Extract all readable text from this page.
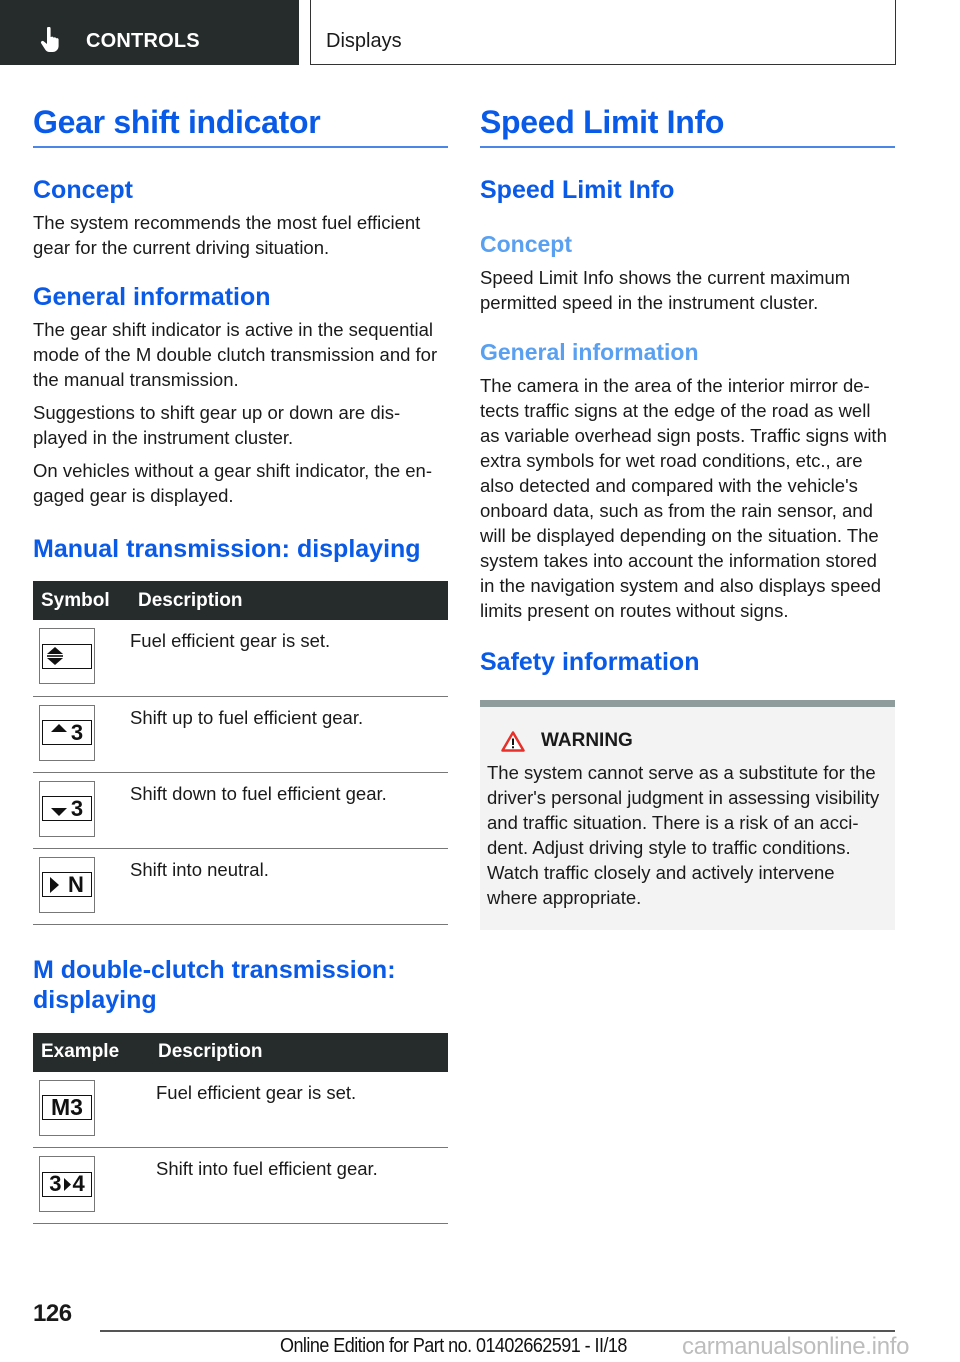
CONTROLS	Displays
Gear shift indicator
Concept
The system recommends the most fuel efficient gear for the current driving situation.
General information
The gear shift indicator is active in the sequential mode of the M double clutch transmission and for the manual transmission.
Suggestions to shift gear up or down are displayed in the instrument cluster.
On vehicles without a gear shift indicator, the engaged gear is displayed.
Manual transmission: displaying
Symbol	Description

	Fuel efficient gear is set.

3	Shift up to fuel efficient gear.

3	Shift down to fuel efficient gear.

N	Shift into neutral.
M double-clutch transmission: displaying
Example	Description

M3	Fuel efficient gear is set.

3 4	Shift into fuel efficient gear.
Speed Limit Info
Speed Limit Info
Concept
Speed Limit Info shows the current maximum permitted speed in the instrument cluster.
General information
The camera in the area of the interior mirror detects traffic signs at the edge of the road as well as variable overhead sign posts. Traffic signs with extra symbols for wet road conditions, etc., are also detected and compared with the vehicle's onboard data, such as from the rain sensor, and will be displayed depending on the situation. The system takes into account the information stored in the navigation system and also displays speed limits present on routes without signs.
Safety information
WARNING
The system cannot serve as a substitute for the driver's personal judgment in assessing visibility and traffic situation. There is a risk of an accident. Adjust driving style to traffic conditions. Watch traffic closely and actively intervene where appropriate.
126
Online Edition for Part no. 01402662591 - II/18 carmanualsonline.info
